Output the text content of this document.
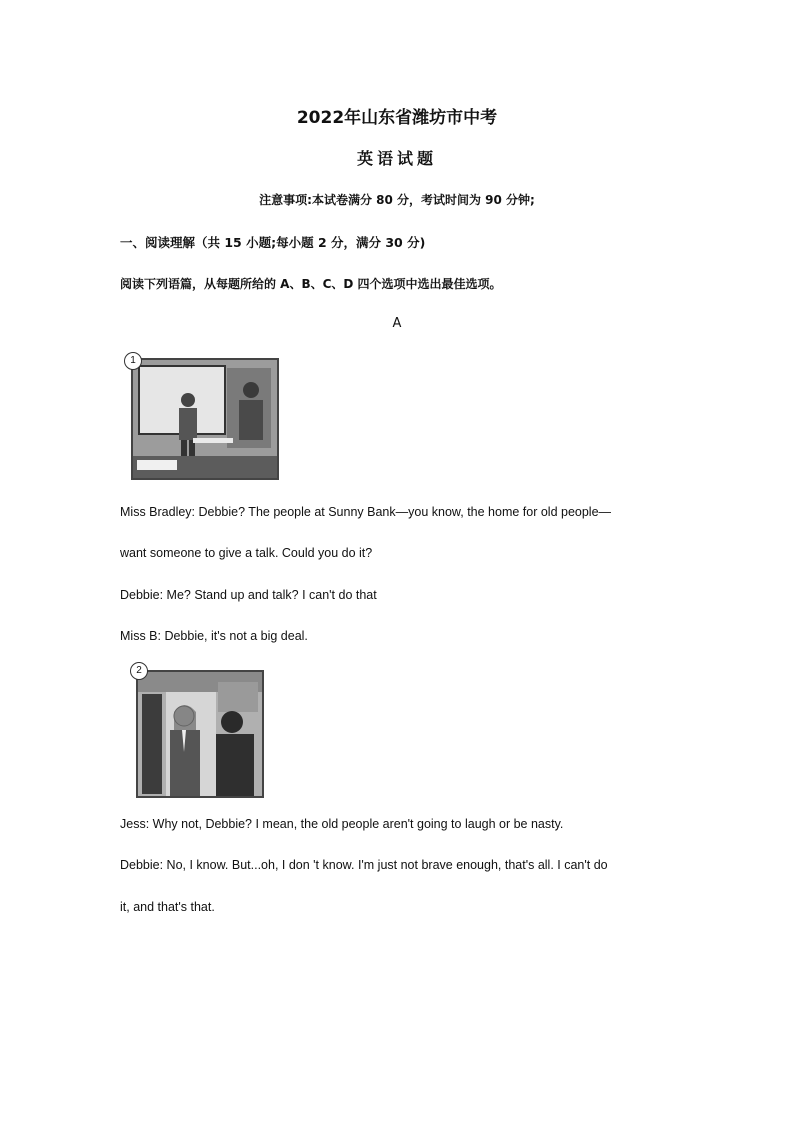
2022年山东省潍坊市中考
英语试题
注意事项:本试卷满分 80 分，考试时间为 90 分钟;
一、阅读理解（共 15 小题;每小题 2 分，满分 30 分)
阅读下列语篇，从每题所给的 A、B、C、D 四个选项中选出最佳选项。
A
1
Miss Bradley: Debbie? The people at Sunny Bank—you know, the home for old people—
want someone to give a talk. Could you do it?
Debbie: Me? Stand up and talk? I can't do that
Miss B: Debbie, it's not a big deal.
2
Jess: Why not, Debbie? I mean, the old people aren't going to laugh or be nasty.
Debbie: No, I know. But...oh, I don 't know. I'm just not brave enough, that's all. I can't do
it, and that's that.
